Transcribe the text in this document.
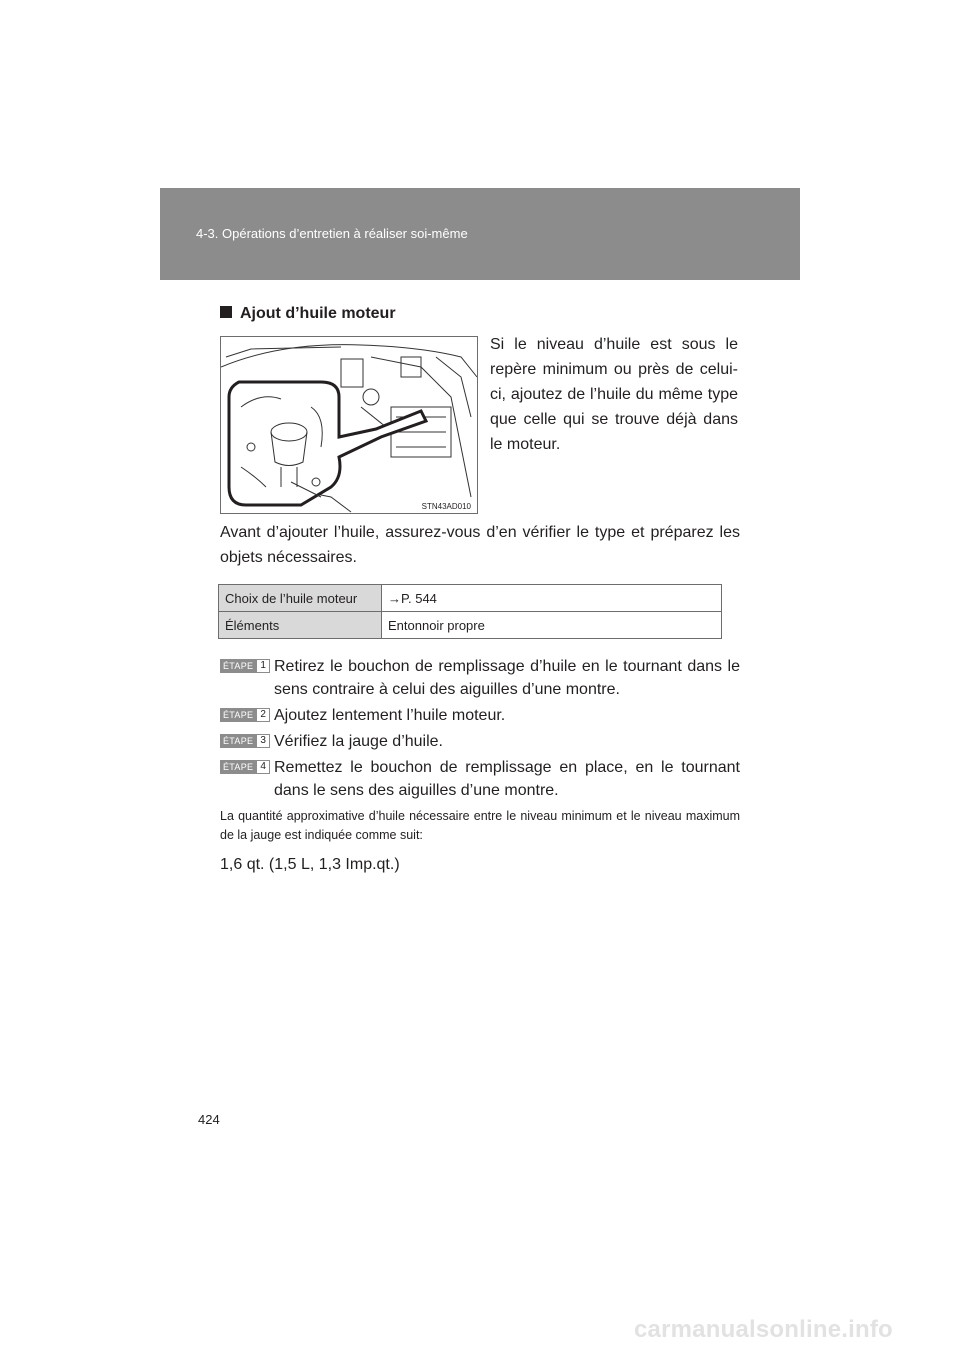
4-3. Opérations d’entretien à réaliser soi-même
Ajout d’huile moteur
STN43AD010
Si le niveau d’huile est sous le repère minimum ou près de celui-ci, ajoutez de l’huile du même type que celle qui se trouve déjà dans le moteur.
Avant d’ajouter l’huile, assurez-vous d’en vérifier le type et préparez les objets nécessaires.
Choix de l’huile moteur	→P. 544
Éléments	Entonnoir propre
ÉTAPE 1 Retirez le bouchon de remplissage d’huile en le tournant dans le sens contraire à celui des aiguilles d’une montre.
ÉTAPE 2 Ajoutez lentement l’huile moteur.
ÉTAPE 3 Vérifiez la jauge d’huile.
ÉTAPE 4 Remettez le bouchon de remplissage en place, en le tournant dans le sens des aiguilles d’une montre.
La quantité approximative d’huile nécessaire entre le niveau minimum et le niveau maximum de la jauge est indiquée comme suit:
1,6 qt. (1,5 L, 1,3 Imp.qt.)
424
carmanualsonline.info
